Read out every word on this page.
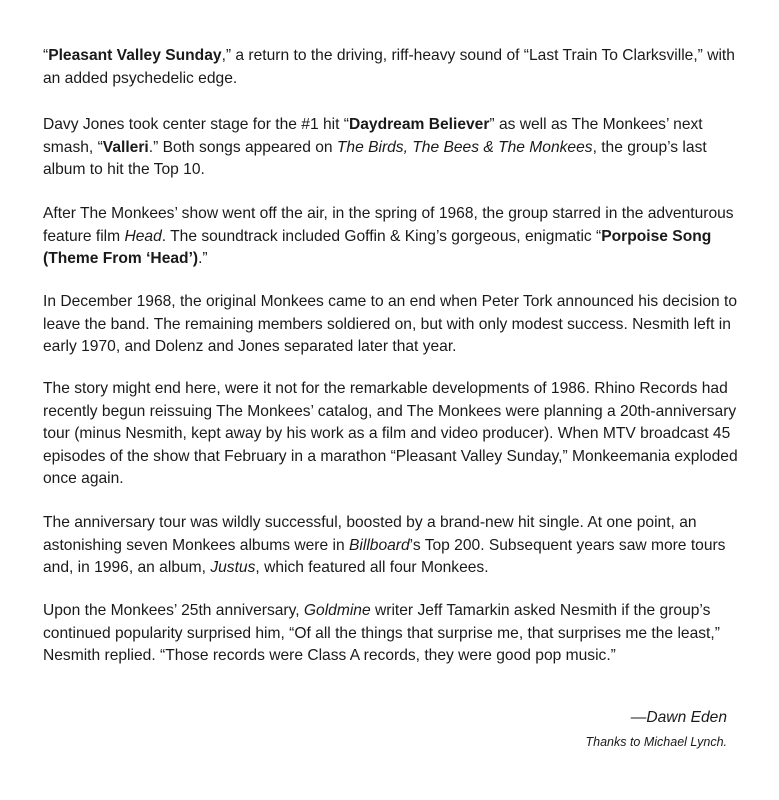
“Pleasant Valley Sunday,” a return to the driving, riff-heavy sound of “Last Train To Clarksville,” with an added psychedelic edge.

Davy Jones took center stage for the #1 hit “Daydream Believer” as well as The Monkees’ next smash, “Valleri.” Both songs appeared on The Birds, The Bees & The Monkees, the group’s last album to hit the Top 10.

After The Monkees’ show went off the air, in the spring of 1968, the group starred in the adventurous feature film Head. The soundtrack included Goffin & King’s gorgeous, enigmatic “Porpoise Song (Theme From ‘Head’).”

In December 1968, the original Monkees came to an end when Peter Tork announced his decision to leave the band. The remaining members soldiered on, but with only modest success. Nesmith left in early 1970, and Dolenz and Jones separated later that year.

The story might end here, were it not for the remarkable developments of 1986. Rhino Records had recently begun reissuing The Monkees’ catalog, and The Monkees were planning a 20th-anniversary tour (minus Nesmith, kept away by his work as a film and video producer). When MTV broadcast 45 episodes of the show that February in a marathon “Pleasant Valley Sunday,” Monkeemania exploded once again.

The anniversary tour was wildly successful, boosted by a brand-new hit single. At one point, an astonishing seven Monkees albums were in Billboard’s Top 200. Subsequent years saw more tours and, in 1996, an album, Justus, which featured all four Monkees.

Upon the Monkees’ 25th anniversary, Goldmine writer Jeff Tamarkin asked Nesmith if the group’s continued popularity surprised him, “Of all the things that surprise me, that surprises me the least,” Nesmith replied. “Those records were Class A records, they were good pop music.”

—Dawn Eden

Thanks to Michael Lynch.
